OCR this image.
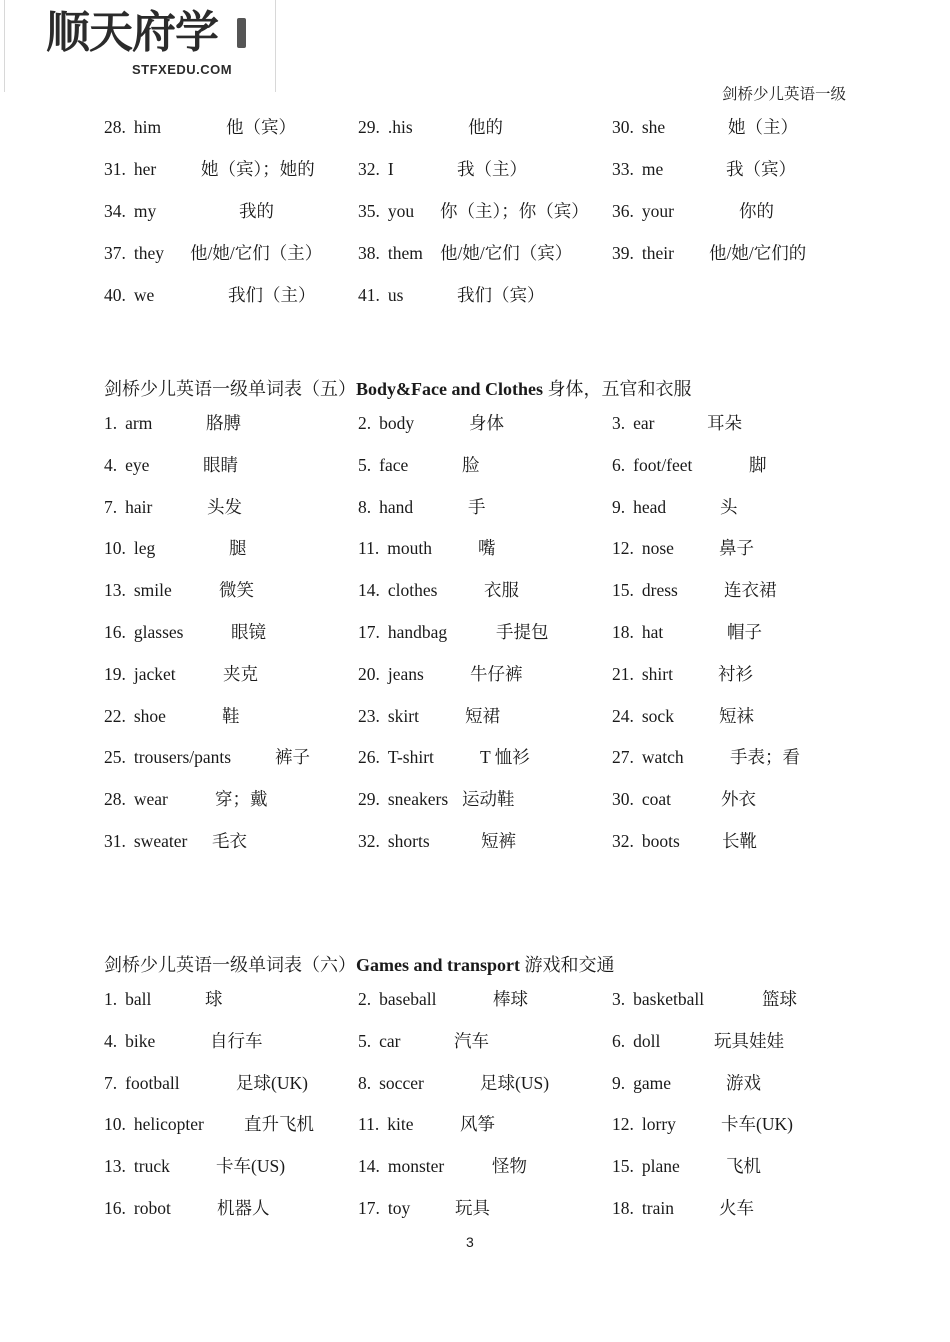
顺天府学
STFXEDU.COM
剑桥少儿英语一级
28. him	他（宾）	29. .his	他的	30. she	她（主）
31. her	她（宾）；她的 32. I	我（主）	33. me	我（宾）
34. my	我的	35. you 你（主）；你（宾） 36. your	你的
37. they 他/她/它们（主） 38. them 他/她/它们（宾） 39. their 他/她/它们的
40. we	我们（主） 41. us	我们（宾）
剑桥少儿英语一级单词表（五）Body&Face and Clothes 身体，五官和衣服
1. arm	胳膊	2. body	身体	3. ear	耳朵
4. eye	眼睛	5. face	脸	6. foot/feet	脚
7. hair	头发	8. hand	手	9. head	头
10. leg	腿	11. mouth	嘴	12. nose	鼻子
13. smile	微笑	14. clothes	衣服	15. dress	连衣裙
16. glasses	眼镜	17. handbag	手提包	18. hat	帽子
19. jacket	夹克	20. jeans	牛仔裤	21. shirt	衬衫
22. shoe	鞋	23. skirt	短裙	24. sock	短袜
25. trousers/pants	裤子	26. T-shirt	T 恤衫	27. watch	手表；看
28. wear	穿；戴	29. sneakers 运动鞋	30. coat	外衣
31. sweater 毛衣	32. shorts	短裤	32. boots 长靴
剑桥少儿英语一级单词表（六）Games and transport 游戏和交通
1. ball	球	2. baseball	棒球	3. basketball	篮球
4. bike	自行车	5. car	汽车	6. doll	玩具娃娃
7. football	足球(UK)	8. soccer	足球(US)	9. game	游戏
10. helicopter 直升飞机	11. kite	风筝	12. lorry	卡车(UK)
13. truck	卡车(US)	14. monster	怪物	15. plane	飞机
16. robot	机器人	17. toy	玩具	18. train	火车
3
